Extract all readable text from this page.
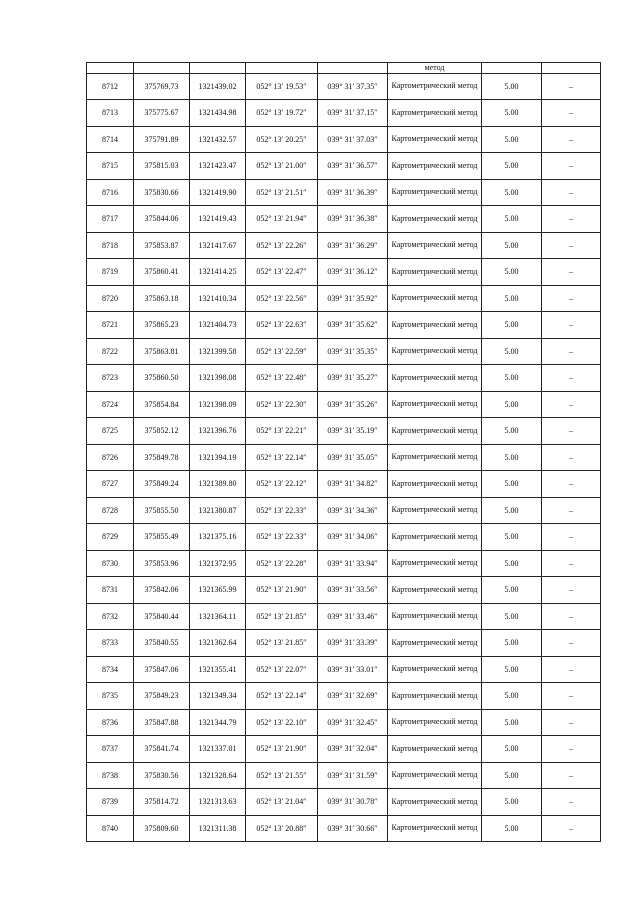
					метод		
8712	375769.73	1321439.02	052° 13′ 19.53″	039° 31′ 37.35″	Картометрический метод	5.00	–
8713	375775.67	1321434.98	052° 13′ 19.72″	039° 31′ 37.15″	Картометрический метод	5.00	–
8714	375791.89	1321432.57	052° 13′ 20.25″	039° 31′ 37.03″	Картометрический метод	5.00	–
8715	375815.03	1321423.47	052° 13′ 21.00″	039° 31′ 36.57″	Картометрический метод	5.00	–
8716	375830.66	1321419.90	052° 13′ 21.51″	039° 31′ 36.39″	Картометрический метод	5.00	–
8717	375844.06	1321419.43	052° 13′ 21.94″	039° 31′ 36.38″	Картометрический метод	5.00	–
8718	375853.87	1321417.67	052° 13′ 22.26″	039° 31′ 36.29″	Картометрический метод	5.00	–
8719	375860.41	1321414.25	052° 13′ 22.47″	039° 31′ 36.12″	Картометрический метод	5.00	–
8720	375863.18	1321410.34	052° 13′ 22.56″	039° 31′ 35.92″	Картометрический метод	5.00	–
8721	375865.23	1321404.73	052° 13′ 22.63″	039° 31′ 35.62″	Картометрический метод	5.00	–
8722	375863.81	1321399.58	052° 13′ 22.59″	039° 31′ 35.35″	Картометрический метод	5.00	–
8723	375860.50	1321398.08	052° 13′ 22.48″	039° 31′ 35.27″	Картометрический метод	5.00	–
8724	375854.84	1321398.09	052° 13′ 22.30″	039° 31′ 35.26″	Картометрический метод	5.00	–
8725	375852.12	1321396.76	052° 13′ 22.21″	039° 31′ 35.19″	Картометрический метод	5.00	–
8726	375849.78	1321394.19	052° 13′ 22.14″	039° 31′ 35.05″	Картометрический метод	5.00	–
8727	375849.24	1321389.80	052° 13′ 22.12″	039° 31′ 34.82″	Картометрический метод	5.00	–
8728	375855.50	1321380.87	052° 13′ 22.33″	039° 31′ 34.36″	Картометрический метод	5.00	–
8729	375855.49	1321375.16	052° 13′ 22.33″	039° 31′ 34.06″	Картометрический метод	5.00	–
8730	375853.96	1321372.95	052° 13′ 22.28″	039° 31′ 33.94″	Картометрический метод	5.00	–
8731	375842.06	1321365.99	052° 13′ 21.90″	039° 31′ 33.56″	Картометрический метод	5.00	–
8732	375840.44	1321364.11	052° 13′ 21.85″	039° 31′ 33.46″	Картометрический метод	5.00	–
8733	375840.55	1321362.64	052° 13′ 21.85″	039° 31′ 33.39″	Картометрический метод	5.00	–
8734	375847.06	1321355.41	052° 13′ 22.07″	039° 31′ 33.01″	Картометрический метод	5.00	–
8735	375849.23	1321349.34	052° 13′ 22.14″	039° 31′ 32.69″	Картометрический метод	5.00	–
8736	375847.88	1321344.79	052° 13′ 22.10″	039° 31′ 32.45″	Картометрический метод	5.00	–
8737	375841.74	1321337.01	052° 13′ 21.90″	039° 31′ 32.04″	Картометрический метод	5.00	–
8738	375830.56	1321328.64	052° 13′ 21.55″	039° 31′ 31.59″	Картометрический метод	5.00	–
8739	375814.72	1321313.63	052° 13′ 21.04″	039° 31′ 30.78″	Картометрический метод	5.00	–
8740	375809.60	1321311.38	052° 13′ 20.88″	039° 31′ 30.66″	Картометрический метод	5.00	–
